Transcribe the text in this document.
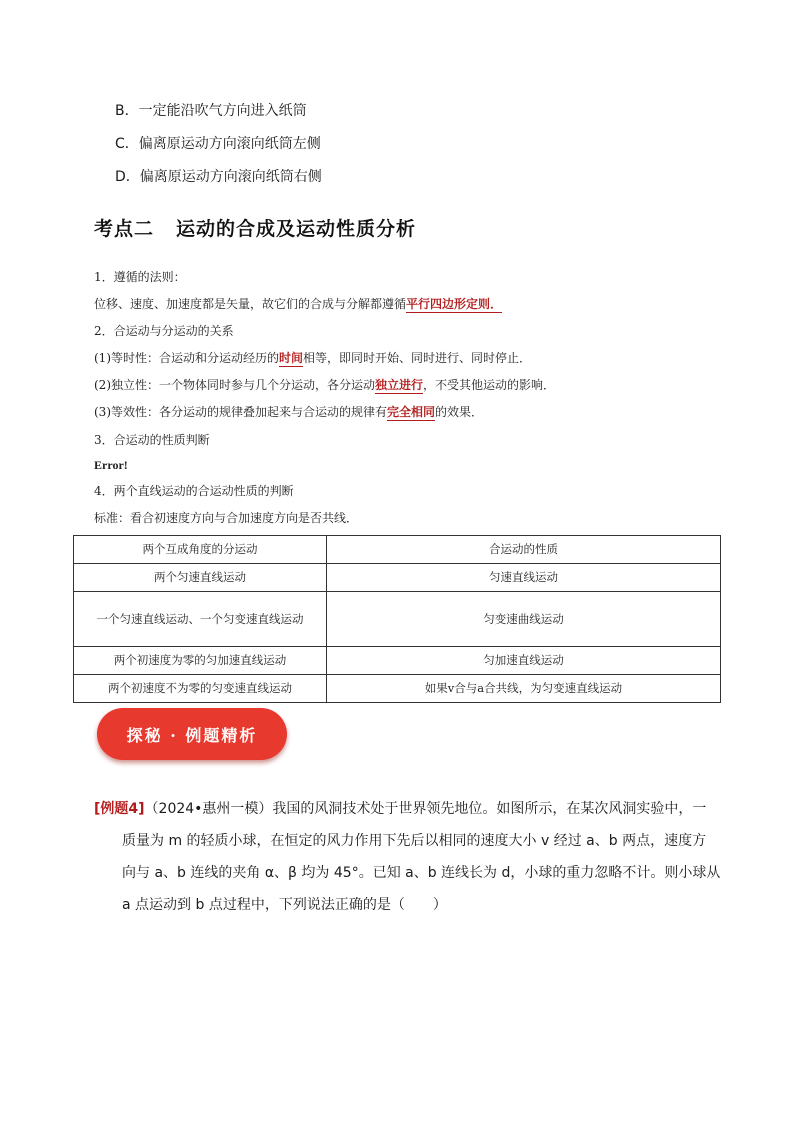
B．一定能沿吹气方向进入纸筒
C．偏离原运动方向滚向纸筒左侧
D．偏离原运动方向滚向纸筒右侧
考点二 运动的合成及运动性质分析
1．遵循的法则：
位移、速度、加速度都是矢量，故它们的合成与分解都遵循平行四边形定则．
2．合运动与分运动的关系
(1)等时性：合运动和分运动经历的时间相等，即同时开始、同时进行、同时停止．
(2)独立性：一个物体同时参与几个分运动，各分运动独立进行，不受其他运动的影响．
(3)等效性：各分运动的规律叠加起来与合运动的规律有完全相同的效果．
3．合运动的性质判断
Error!
4．两个直线运动的合运动性质的判断
标准：看合初速度方向与合加速度方向是否共线．
两个互成角度的分运动	合运动的性质
两个匀速直线运动	匀速直线运动
一个匀速直线运动、一个匀变速直线运动	匀变速曲线运动
两个初速度为零的匀加速直线运动	匀加速直线运动
两个初速度不为零的匀变速直线运动	如果v合与a合共线，为匀变速直线运动
探秘 · 例题精析
[例题4]（2024•惠州一模）我国的风洞技术处于世界领先地位。如图所示，在某次风洞实验中，一
质量为 m 的轻质小球，在恒定的风力作用下先后以相同的速度大小 v 经过 a、b 两点，速度方
向与 a、b 连线的夹角 α、β 均为 45°。已知 a、b 连线长为 d，小球的重力忽略不计。则小球从
a 点运动到 b 点过程中，下列说法正确的是（　　）
